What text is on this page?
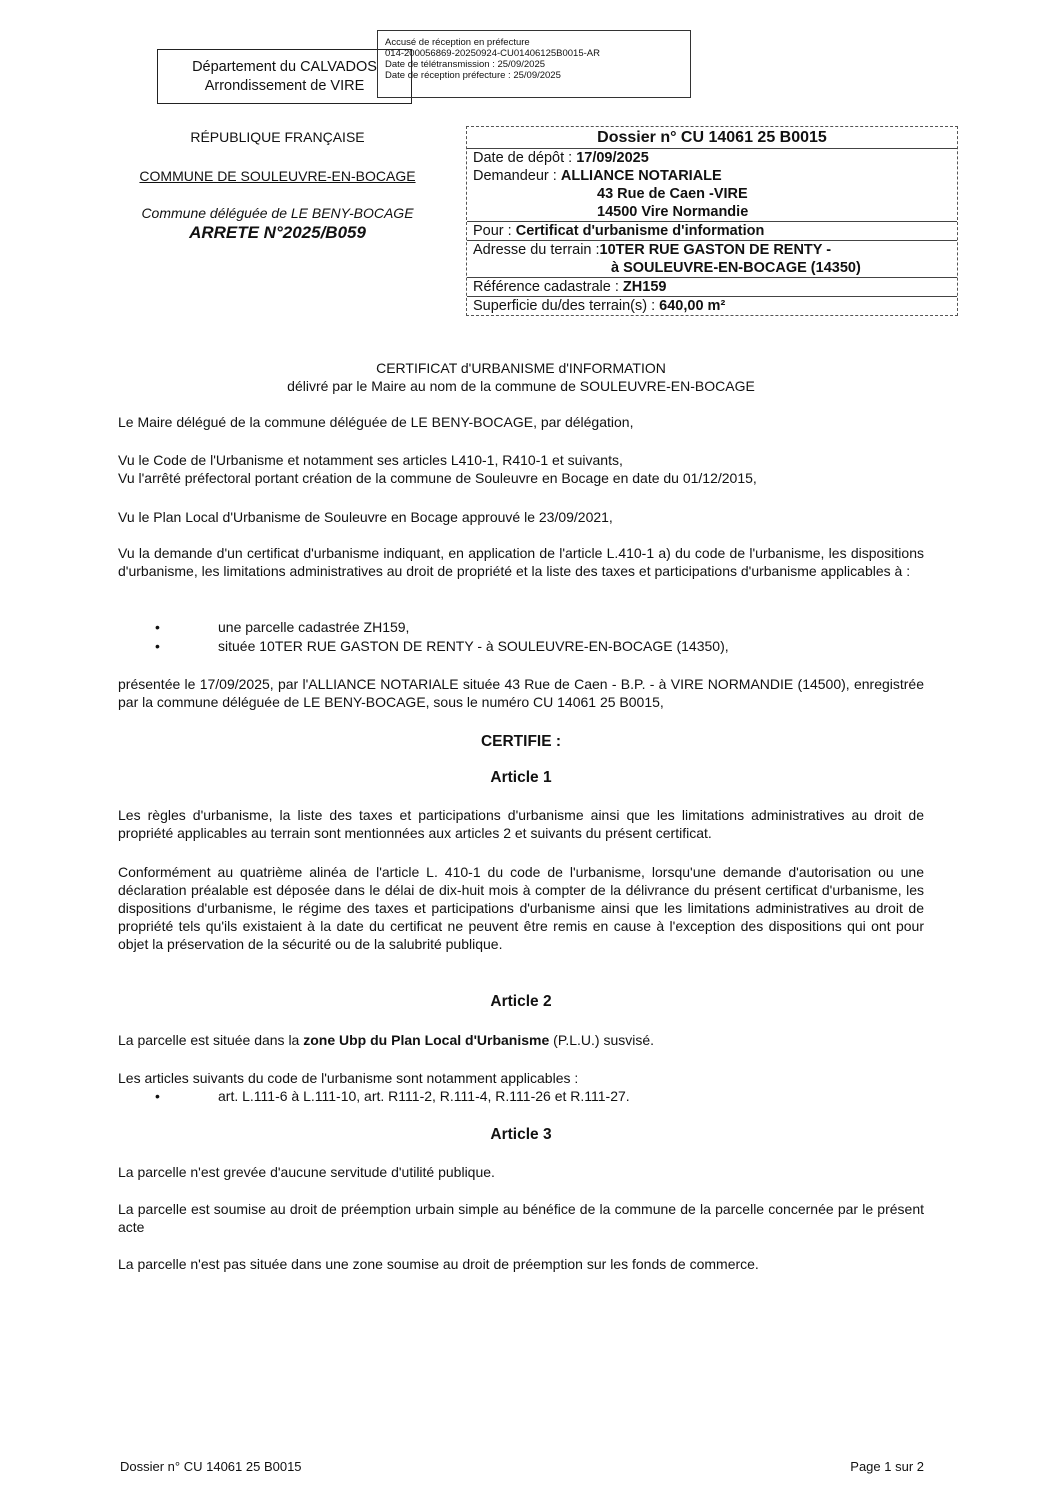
Département du CALVADOS
Arrondissement de VIRE
Accusé de réception en préfecture
014-200056869-20250924-CU01406125B0015-AR
Date de télétransmission : 25/09/2025
Date de réception préfecture : 25/09/2025
RÉPUBLIQUE FRANÇAISE
COMMUNE DE SOULEUVRE-EN-BOCAGE
Commune déléguée de LE BENY-BOCAGE
ARRETE N°2025/B059
Dossier n° CU 14061 25 B0015
Date de dépôt : 17/09/2025
Demandeur : ALLIANCE NOTARIALE
43 Rue de Caen -VIRE
14500 Vire Normandie
Pour : Certificat d'urbanisme d'information
Adresse du terrain :10TER RUE GASTON DE RENTY -
à SOULEUVRE-EN-BOCAGE (14350)
Référence cadastrale : ZH159
Superficie du/des terrain(s) : 640,00 m²
CERTIFICAT d'URBANISME d'INFORMATION
délivré par le Maire au nom de la commune de SOULEUVRE-EN-BOCAGE
Le Maire délégué de la commune déléguée de LE BENY-BOCAGE, par délégation,
Vu le Code de l'Urbanisme et notamment ses articles L410-1, R410-1 et suivants,
Vu l'arrêté préfectoral portant création de la commune de Souleuvre en Bocage en date du 01/12/2015,
Vu le Plan Local d'Urbanisme de Souleuvre en Bocage approuvé le 23/09/2021,
Vu la demande d'un certificat d'urbanisme indiquant, en application de l'article L.410-1 a) du code de l'urbanisme, les dispositions d'urbanisme, les limitations administratives au droit de propriété et la liste des taxes et participations d'urbanisme applicables à :
•	une parcelle cadastrée ZH159,
•	située 10TER RUE GASTON DE RENTY - à SOULEUVRE-EN-BOCAGE (14350),
présentée le 17/09/2025, par l'ALLIANCE NOTARIALE située 43 Rue de Caen - B.P. - à VIRE NORMANDIE (14500), enregistrée par la commune déléguée de LE BENY-BOCAGE, sous le numéro CU 14061 25 B0015,
CERTIFIE :
Article 1
Les règles d'urbanisme, la liste des taxes et participations d'urbanisme ainsi que les limitations administratives au droit de propriété applicables au terrain sont mentionnées aux articles 2 et suivants du présent certificat.
Conformément au quatrième alinéa de l'article L. 410-1 du code de l'urbanisme, lorsqu'une demande d'autorisation ou une déclaration préalable est déposée dans le délai de dix-huit mois à compter de la délivrance du présent certificat d'urbanisme, les dispositions d'urbanisme, le régime des taxes et participations d'urbanisme ainsi que les limitations administratives au droit de propriété tels qu'ils existaient à la date du certificat ne peuvent être remis en cause à l'exception des dispositions qui ont pour objet la préservation de la sécurité ou de la salubrité publique.
Article 2
La parcelle est située dans la zone Ubp du Plan Local d'Urbanisme (P.L.U.) susvisé.
Les articles suivants du code de l'urbanisme sont notamment applicables :
•	art. L.111-6 à L.111-10, art. R111-2, R.111-4, R.111-26 et R.111-27.
Article 3
La parcelle n'est grevée d'aucune servitude d'utilité publique.
La parcelle est soumise au droit de préemption urbain simple au bénéfice de la commune de la parcelle concernée par le présent acte
La parcelle n'est pas située dans une zone soumise au droit de préemption sur les fonds de commerce.
Dossier n° CU 14061 25 B0015	Page 1 sur 2
